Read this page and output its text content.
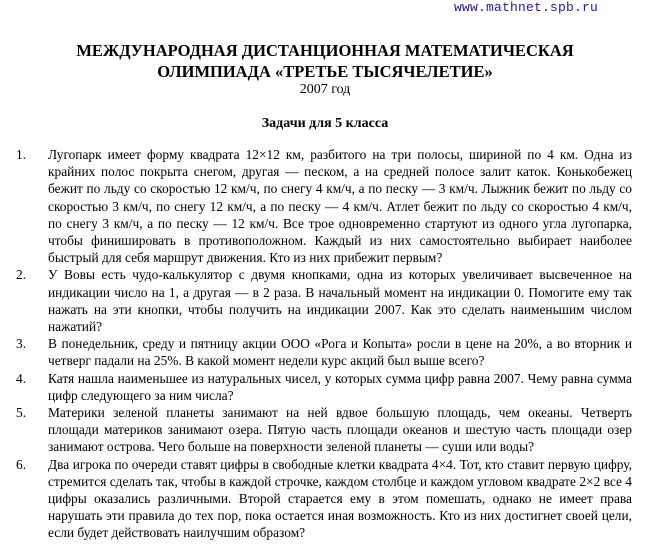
www.mathnet.spb.ru
МЕЖДУНАРОДНАЯ ДИСТАНЦИОННАЯ МАТЕМАТИЧЕСКАЯ
ОЛИМПИАДА «ТРЕТЬЕ ТЫСЯЧЕЛЕТИЕ»
2007 год
Задачи для 5 класса
1. Лугопарк имеет форму квадрата 12×12 км, разбитого на три полосы, шириной по 4 км. Одна из крайних полос покрыта снегом, другая — песком, а на средней полосе залит каток. Конькобежец бежит по льду со скоростью 12 км/ч, по снегу 4 км/ч, а по песку — 3 км/ч. Лыжник бежит по льду со скоростью 3 км/ч, по снегу 12 км/ч, а по песку — 4 км/ч. Атлет бежит по льду со скоростью 4 км/ч, по снегу 3 км/ч, а по песку — 12 км/ч. Все трое одновременно стартуют из одного угла лугопарка, чтобы финишировать в противоположном. Каждый из них самостоятельно выбирает наиболее быстрый для себя маршрут движения. Кто из них прибежит первым?
2. У Вовы есть чудо-калькулятор с двумя кнопками, одна из которых увеличивает высвеченное на индикации число на 1, а другая — в 2 раза. В начальный момент на индикации 0. Помогите ему так нажать на эти кнопки, чтобы получить на индикации 2007. Как это сделать наименьшим числом нажатий?
3. В понедельник, среду и пятницу акции ООО «Рога и Копыта» росли в цене на 20%, а во вторник и четверг падали на 25%. В какой момент недели курс акций был выше всего?
4. Катя нашла наименьшее из натуральных чисел, у которых сумма цифр равна 2007. Чему равна сумма цифр следующего за ним числа?
5. Материки зеленой планеты занимают на ней вдвое большую площадь, чем океаны. Четверть площади материков занимают озера. Пятую часть площади океанов и шестую часть площади озер занимают острова. Чего больше на поверхности зеленой планеты — суши или воды?
6. Два игрока по очереди ставят цифры в свободные клетки квадрата 4×4. Тот, кто ставит первую цифру, стремится сделать так, чтобы в каждой строчке, каждом столбце и каждом угловом квадрате 2×2 все 4 цифры оказались различными. Второй старается ему в этом помешать, однако не имеет права нарушать эти правила до тех пор, пока остается иная возможность. Кто из них достигнет своей цели, если будет действовать наилучшим образом?
